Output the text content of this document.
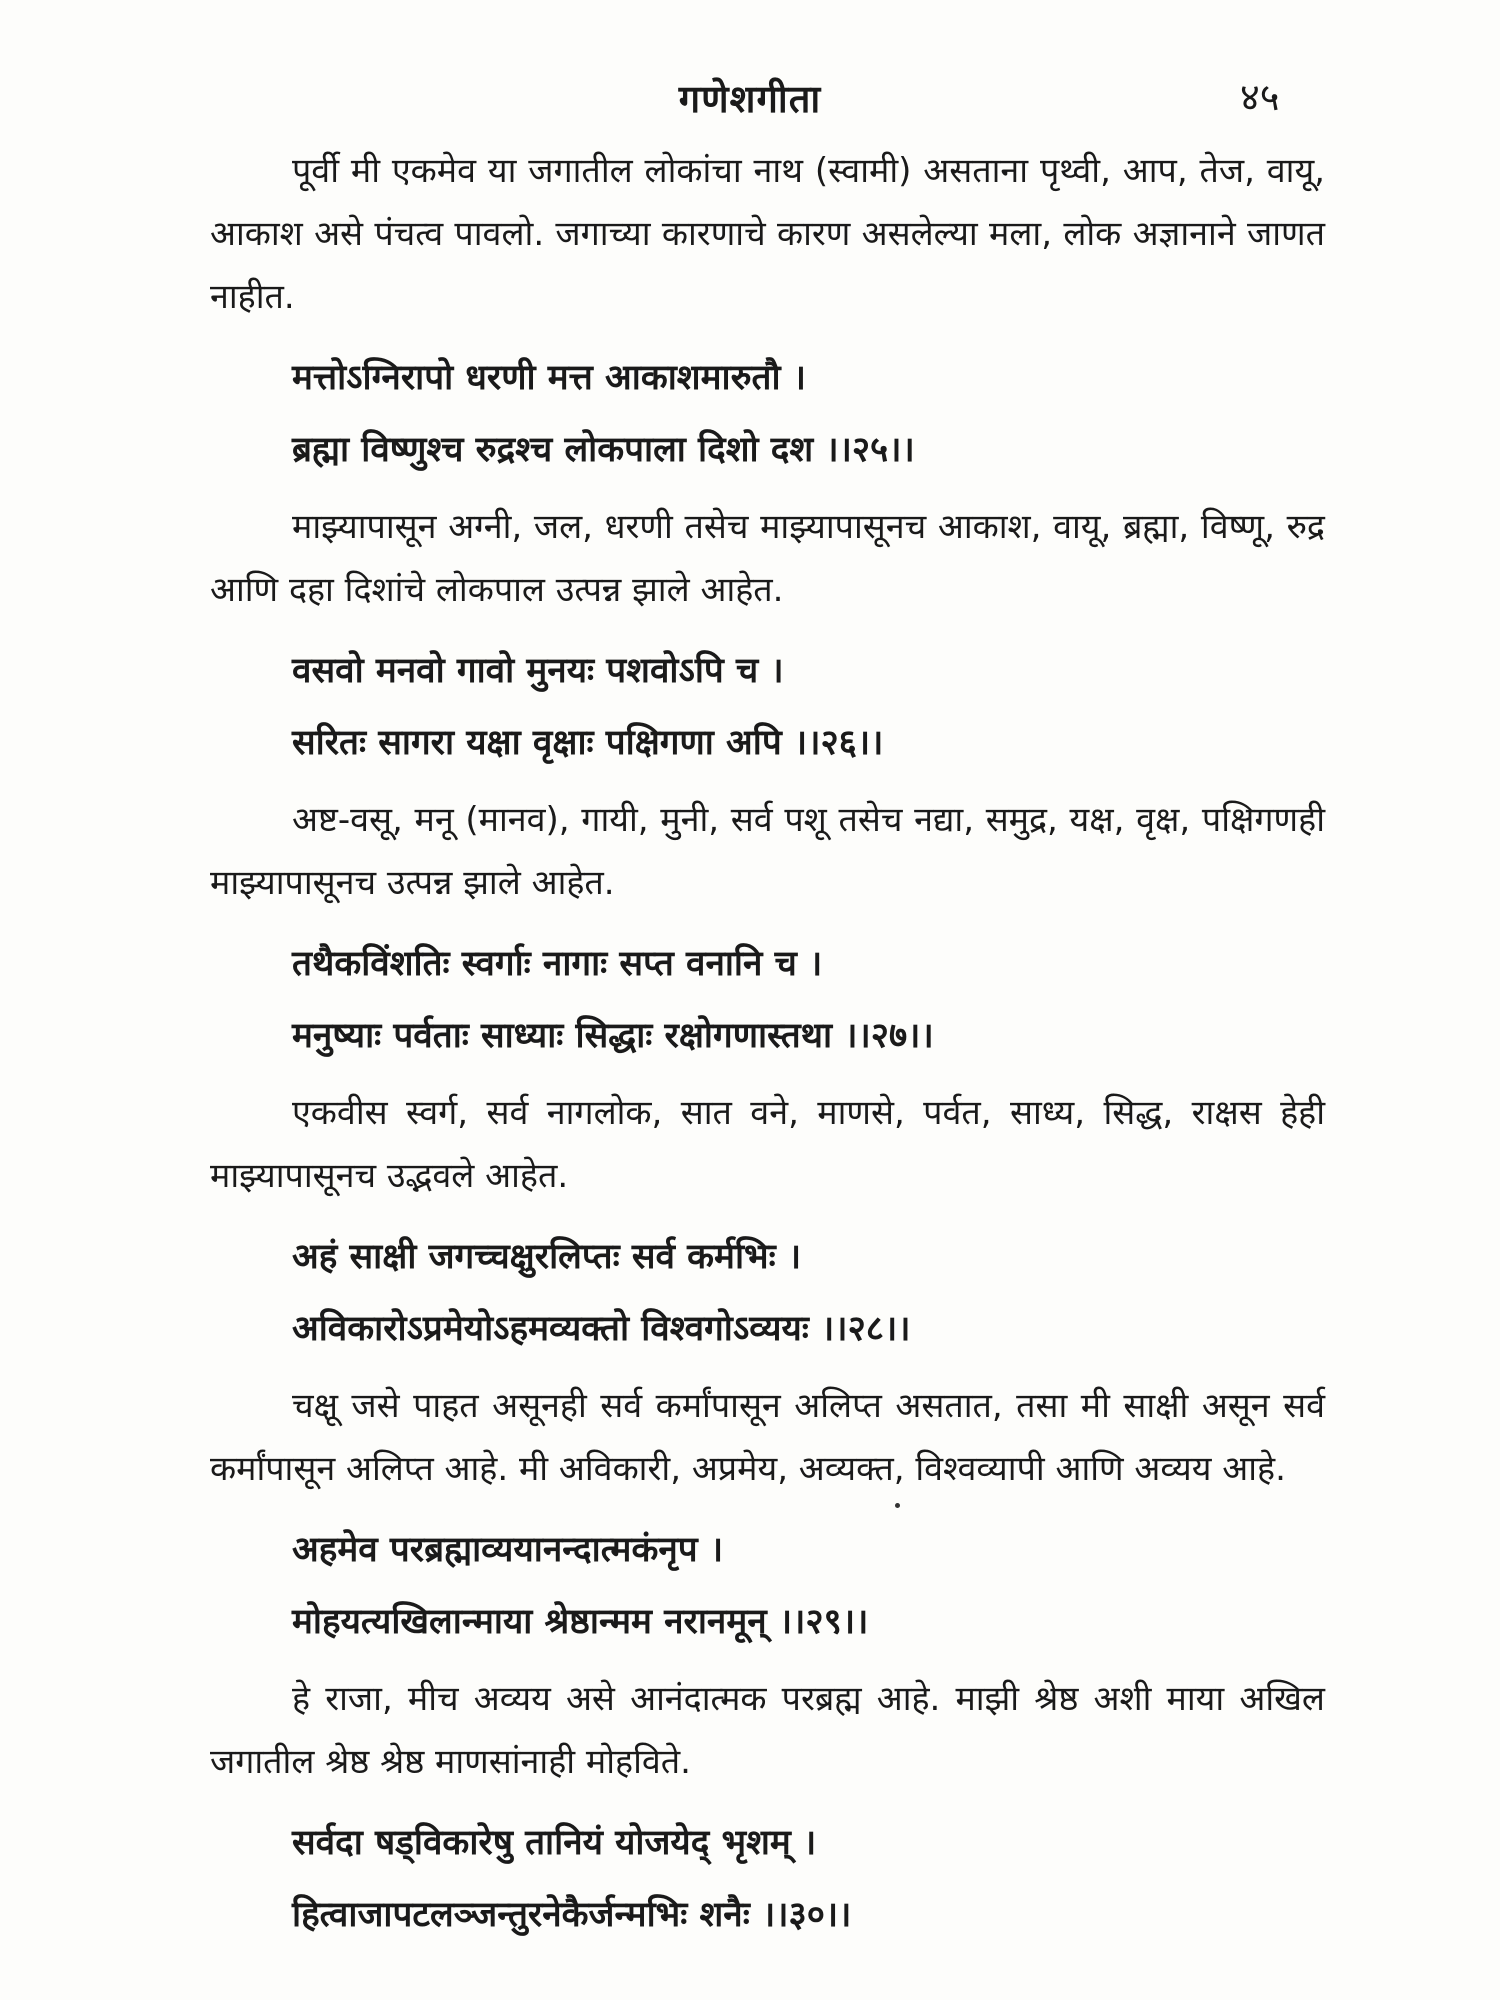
गणेशगीता	४५

पूर्वी मी एकमेव या जगातील लोकांचा नाथ (स्वामी) असताना पृथ्वी, आप, तेज, वायू, आकाश असे पंचत्व पावलो. जगाच्या कारणाचे कारण असलेल्या मला, लोक अज्ञानाने जाणत नाहीत.

मत्तोऽग्निरापो धरणी मत्त आकाशमारुतौ ।
ब्रह्मा विष्णुश्च रुद्रश्च लोकपाला दिशो दश ।।२५।।

माझ्यापासून अग्नी, जल, धरणी तसेच माझ्यापासूनच आकाश, वायू, ब्रह्मा, विष्णू, रुद्र आणि दहा दिशांचे लोकपाल उत्पन्न झाले आहेत.

वसवो मनवो गावो मुनयः पशवोऽपि च ।
सरितः सागरा यक्षा वृक्षाः पक्षिगणा अपि ।।२६।।

अष्ट-वसू, मनू (मानव), गायी, मुनी, सर्व पशू तसेच नद्या, समुद्र, यक्ष, वृक्ष, पक्षिगणही माझ्यापासूनच उत्पन्न झाले आहेत.

तथैकविंशतिः स्वर्गाः नागाः सप्त वनानि च ।
मनुष्याः पर्वताः साध्याः सिद्धाः रक्षोगणास्तथा ।।२७।।

एकवीस स्वर्ग, सर्व नागलोक, सात वने, माणसे, पर्वत, साध्य, सिद्ध, राक्षस हेही माझ्यापासूनच उद्भवले आहेत.

अहं साक्षी जगच्चक्षुरलिप्तः सर्व कर्मभिः ।
अविकारोऽप्रमेयोऽहमव्यक्तो विश्वगोऽव्ययः ।।२८।।

चक्षू जसे पाहत असूनही सर्व कर्मांपासून अलिप्त असतात, तसा मी साक्षी असून सर्व कर्मांपासून अलिप्त आहे. मी अविकारी, अप्रमेय, अव्यक्त, विश्वव्यापी आणि अव्यय आहे.

अहमेव परब्रह्माव्ययानन्दात्मकंनृप ।
मोहयत्यखिलान्माया श्रेष्ठान्मम नरानमून् ।।२९।।

हे राजा, मीच अव्यय असे आनंदात्मक परब्रह्म आहे. माझी श्रेष्ठ अशी माया अखिल जगातील श्रेष्ठ श्रेष्ठ माणसांनाही मोहविते.

सर्वदा षड्विकारेषु तानियं योजयेद् भृशम् ।
हित्वाजापटलञ्जन्तुरनेकैर्जन्मभिः शनैः ।।३०।।
